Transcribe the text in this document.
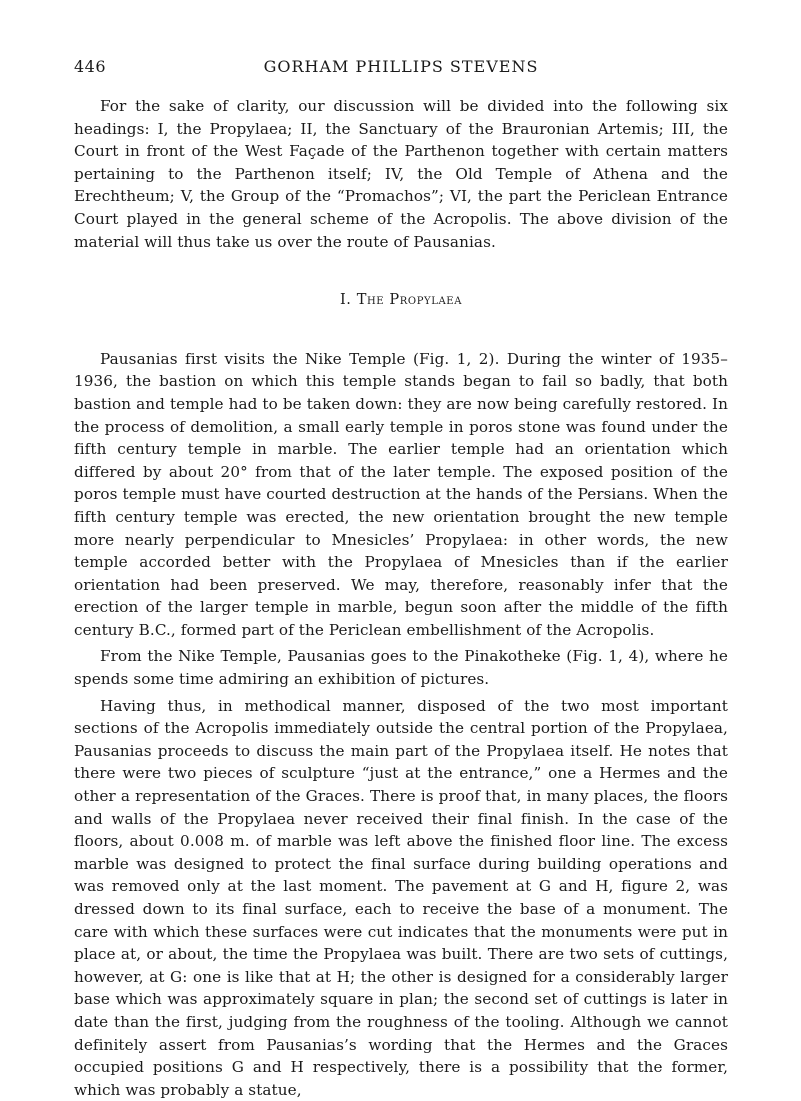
446	GORHAM PHILLIPS STEVENS

For the sake of clarity, our discussion will be divided into the following six headings: I, the Propylaea; II, the Sanctuary of the Brauronian Artemis; III, the Court in front of the West Façade of the Parthenon together with certain matters pertaining to the Parthenon itself; IV, the Old Temple of Athena and the Erechtheum; V, the Group of the “Promachos”; VI, the part the Periclean Entrance Court played in the general scheme of the Acropolis. The above division of the material will thus take us over the route of Pausanias.

I. The Propylaea

Pausanias first visits the Nike Temple (Fig. 1, 2). During the winter of 1935–1936, the bastion on which this temple stands began to fail so badly, that both bastion and temple had to be taken down: they are now being carefully restored. In the process of demolition, a small early temple in poros stone was found under the fifth century temple in marble. The earlier temple had an orientation which differed by about 20° from that of the later temple. The exposed position of the poros temple must have courted destruction at the hands of the Persians. When the fifth century temple was erected, the new orientation brought the new temple more nearly perpendicular to Mnesicles’ Propylaea: in other words, the new temple accorded better with the Propylaea of Mnesicles than if the earlier orientation had been preserved. We may, therefore, reasonably infer that the erection of the larger temple in marble, begun soon after the middle of the fifth century B.C., formed part of the Periclean embellishment of the Acropolis.

From the Nike Temple, Pausanias goes to the Pinakotheke (Fig. 1, 4), where he spends some time admiring an exhibition of pictures.

Having thus, in methodical manner, disposed of the two most important sections of the Acropolis immediately outside the central portion of the Propylaea, Pausanias proceeds to discuss the main part of the Propylaea itself. He notes that there were two pieces of sculpture “just at the entrance,” one a Hermes and the other a representation of the Graces. There is proof that, in many places, the floors and walls of the Propylaea never received their final finish. In the case of the floors, about 0.008 m. of marble was left above the finished floor line. The excess marble was designed to protect the final surface during building operations and was removed only at the last moment. The pavement at G and H, figure 2, was dressed down to its final surface, each to receive the base of a monument. The care with which these surfaces were cut indicates that the monuments were put in place at, or about, the time the Propylaea was built. There are two sets of cuttings, however, at G: one is like that at H; the other is designed for a considerably larger base which was approximately square in plan; the second set of cuttings is later in date than the first, judging from the roughness of the tooling. Although we cannot definitely assert from Pausanias’s wording that the Hermes and the Graces occupied positions G and H respectively, there is a possibility that the former, which was probably a statue,
